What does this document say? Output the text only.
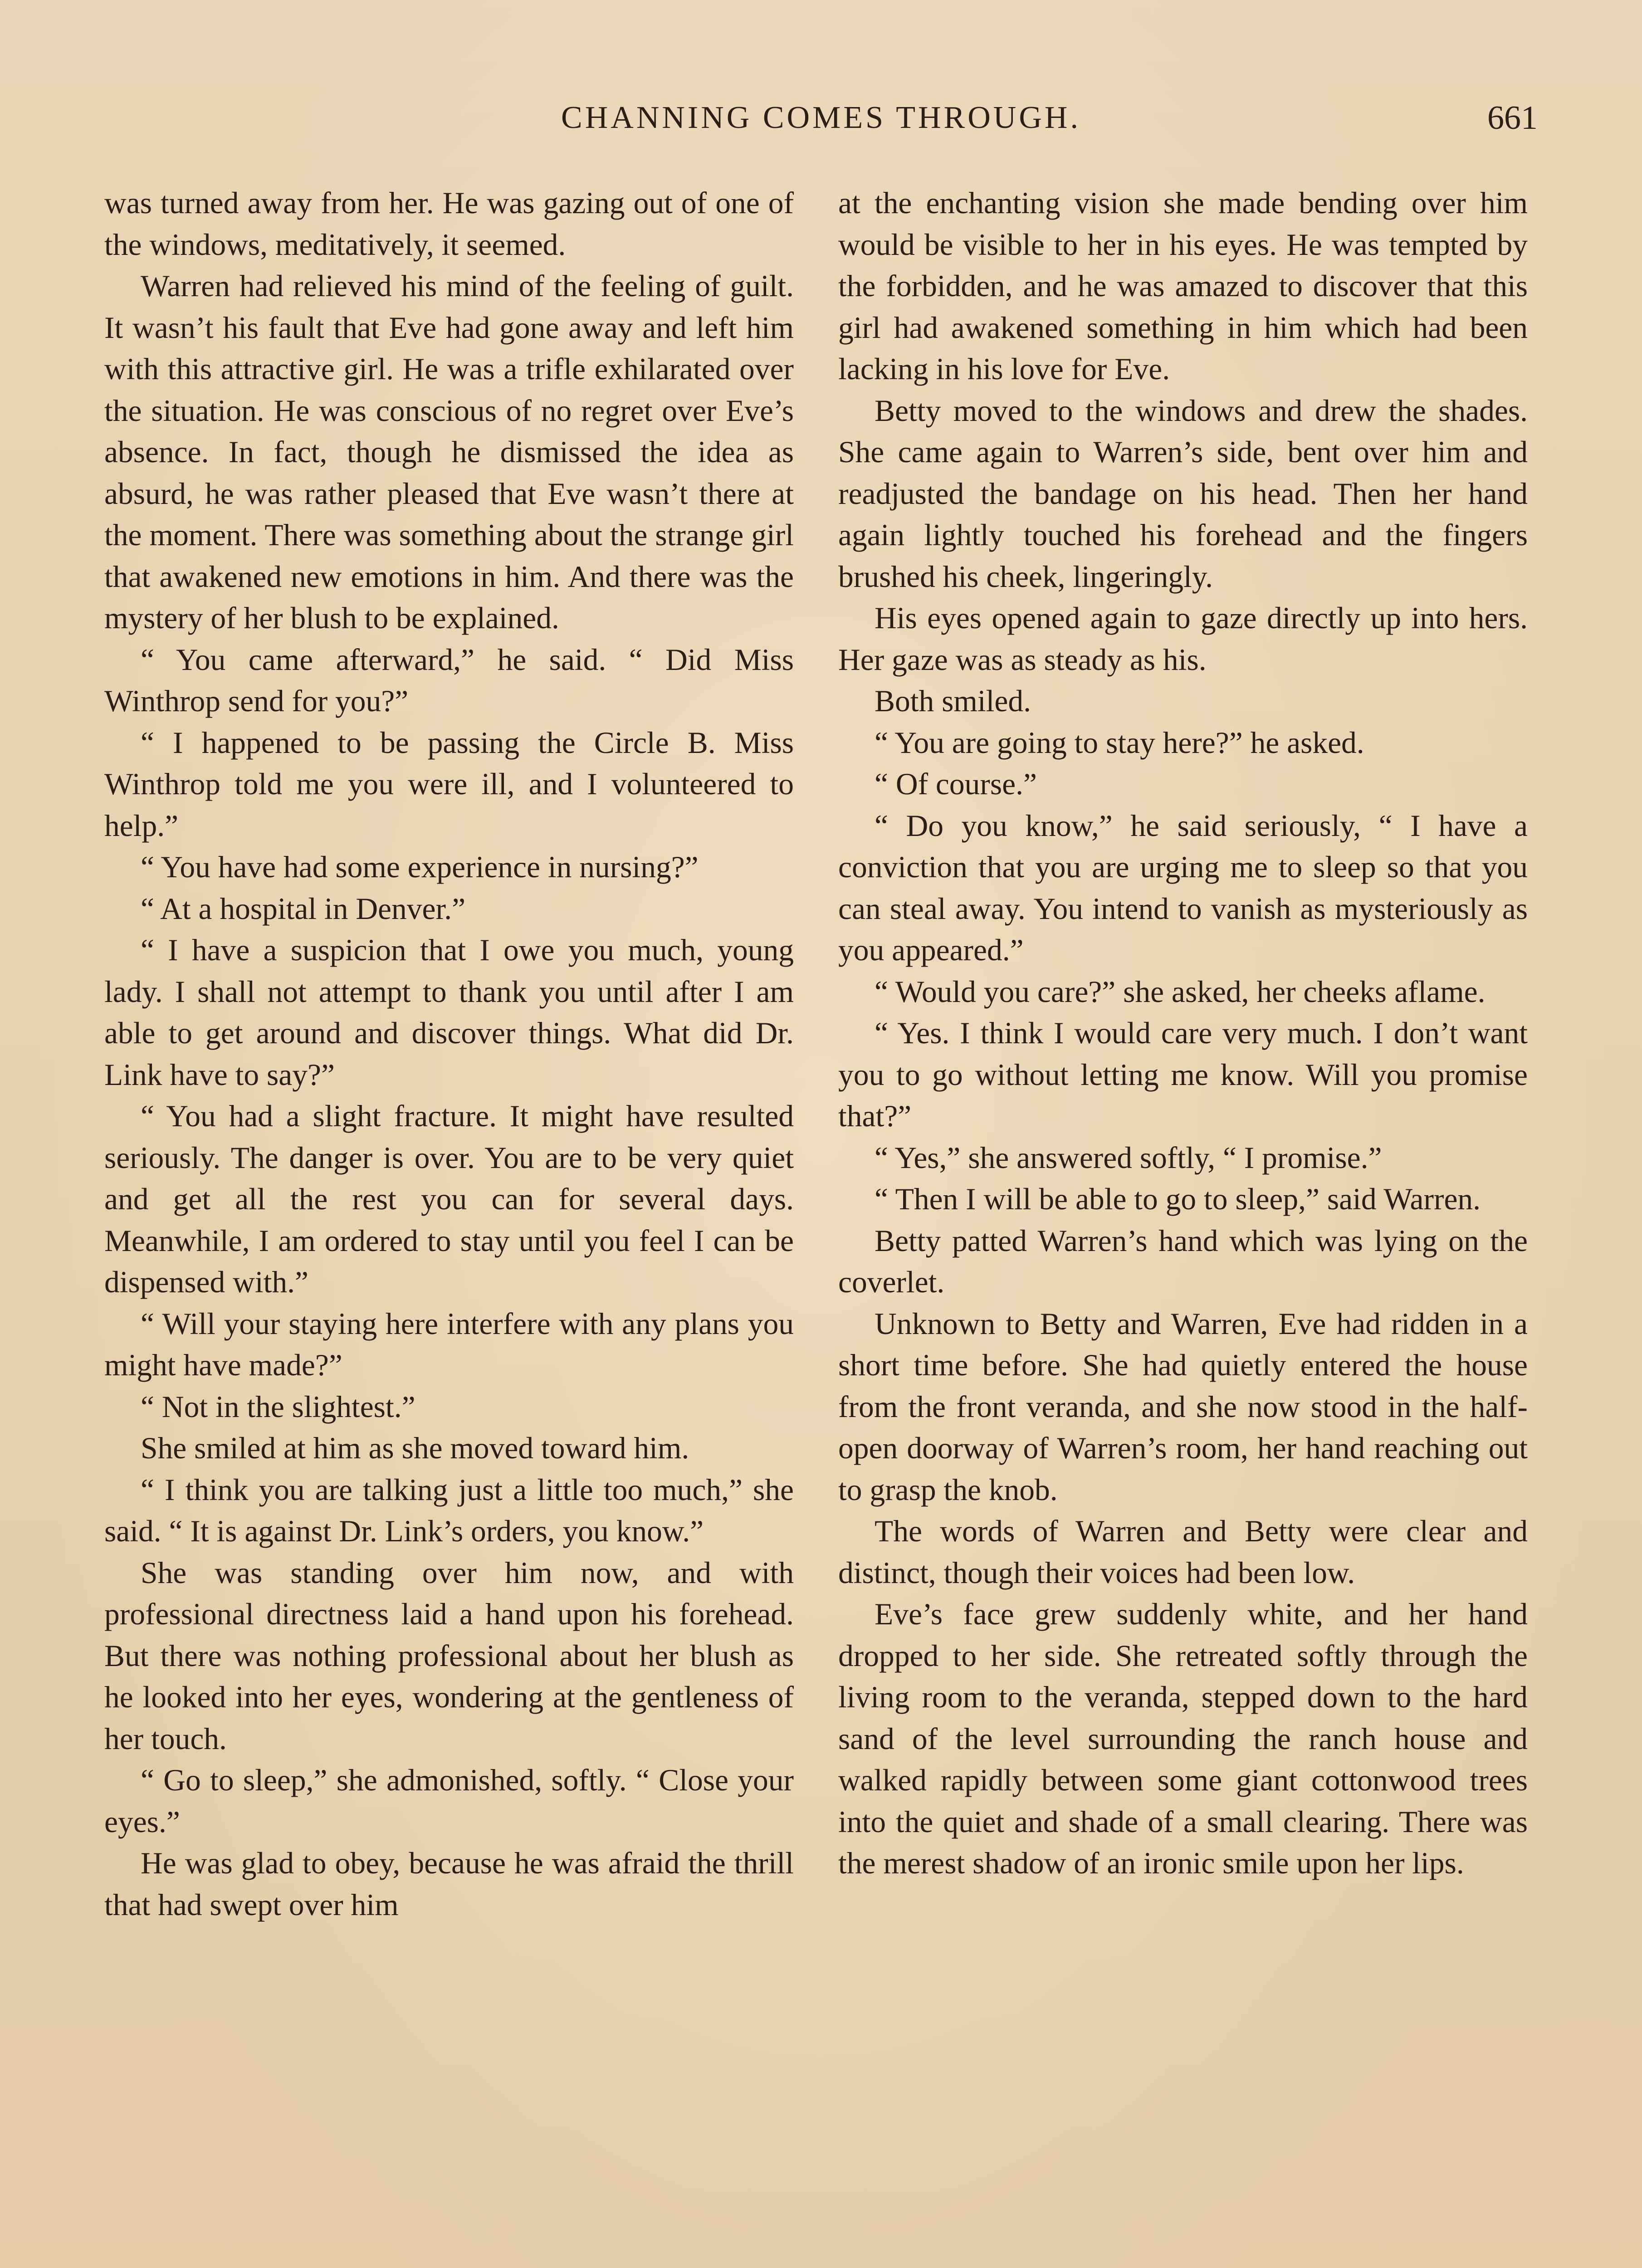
CHANNING COMES THROUGH.	661

was turned away from her. He was gazing out of one of the windows, meditatively, it seemed.

Warren had relieved his mind of the feeling of guilt. It wasn’t his fault that Eve had gone away and left him with this attractive girl. He was a trifle exhilarated over the situation. He was conscious of no regret over Eve’s absence. In fact, though he dismissed the idea as absurd, he was rather pleased that Eve wasn’t there at the moment. There was something about the strange girl that awakened new emotions in him. And there was the mystery of her blush to be explained.

“ You came afterward,” he said. “ Did Miss Winthrop send for you?”

“ I happened to be passing the Circle B. Miss Winthrop told me you were ill, and I volunteered to help.”

“ You have had some experience in nursing?”

“ At a hospital in Denver.”

“ I have a suspicion that I owe you much, young lady. I shall not attempt to thank you until after I am able to get around and discover things. What did Dr. Link have to say?”

“ You had a slight fracture. It might have resulted seriously. The danger is over. You are to be very quiet and get all the rest you can for several days. Meanwhile, I am ordered to stay until you feel I can be dispensed with.”

“ Will your staying here interfere with any plans you might have made?”

“ Not in the slightest.”

She smiled at him as she moved toward him.

“ I think you are talking just a little too much,” she said. “ It is against Dr. Link’s orders, you know.”

She was standing over him now, and with professional directness laid a hand upon his forehead. But there was nothing professional about her blush as he looked into her eyes, wondering at the gentleness of her touch.

“ Go to sleep,” she admonished, softly. “ Close your eyes.”

He was glad to obey, because he was afraid the thrill that had swept over him

at the enchanting vision she made bending over him would be visible to her in his eyes. He was tempted by the forbidden, and he was amazed to discover that this girl had awakened something in him which had been lacking in his love for Eve.

Betty moved to the windows and drew the shades. She came again to Warren’s side, bent over him and readjusted the bandage on his head. Then her hand again lightly touched his forehead and the fingers brushed his cheek, lingeringly.

His eyes opened again to gaze directly up into hers. Her gaze was as steady as his.

Both smiled.

“ You are going to stay here?” he asked.

“ Of course.”

“ Do you know,” he said seriously, “ I have a conviction that you are urging me to sleep so that you can steal away. You intend to vanish as mysteriously as you appeared.”

“ Would you care?” she asked, her cheeks aflame.

“ Yes. I think I would care very much. I don’t want you to go without letting me know. Will you promise that?”

“ Yes,” she answered softly, “ I promise.”

“ Then I will be able to go to sleep,” said Warren.

Betty patted Warren’s hand which was lying on the coverlet.

Unknown to Betty and Warren, Eve had ridden in a short time before. She had quietly entered the house from the front veranda, and she now stood in the half-open doorway of Warren’s room, her hand reaching out to grasp the knob.

The words of Warren and Betty were clear and distinct, though their voices had been low.

Eve’s face grew suddenly white, and her hand dropped to her side. She retreated softly through the living room to the veranda, stepped down to the hard sand of the level surrounding the ranch house and walked rapidly between some giant cottonwood trees into the quiet and shade of a small clearing. There was the merest shadow of an ironic smile upon her lips.
